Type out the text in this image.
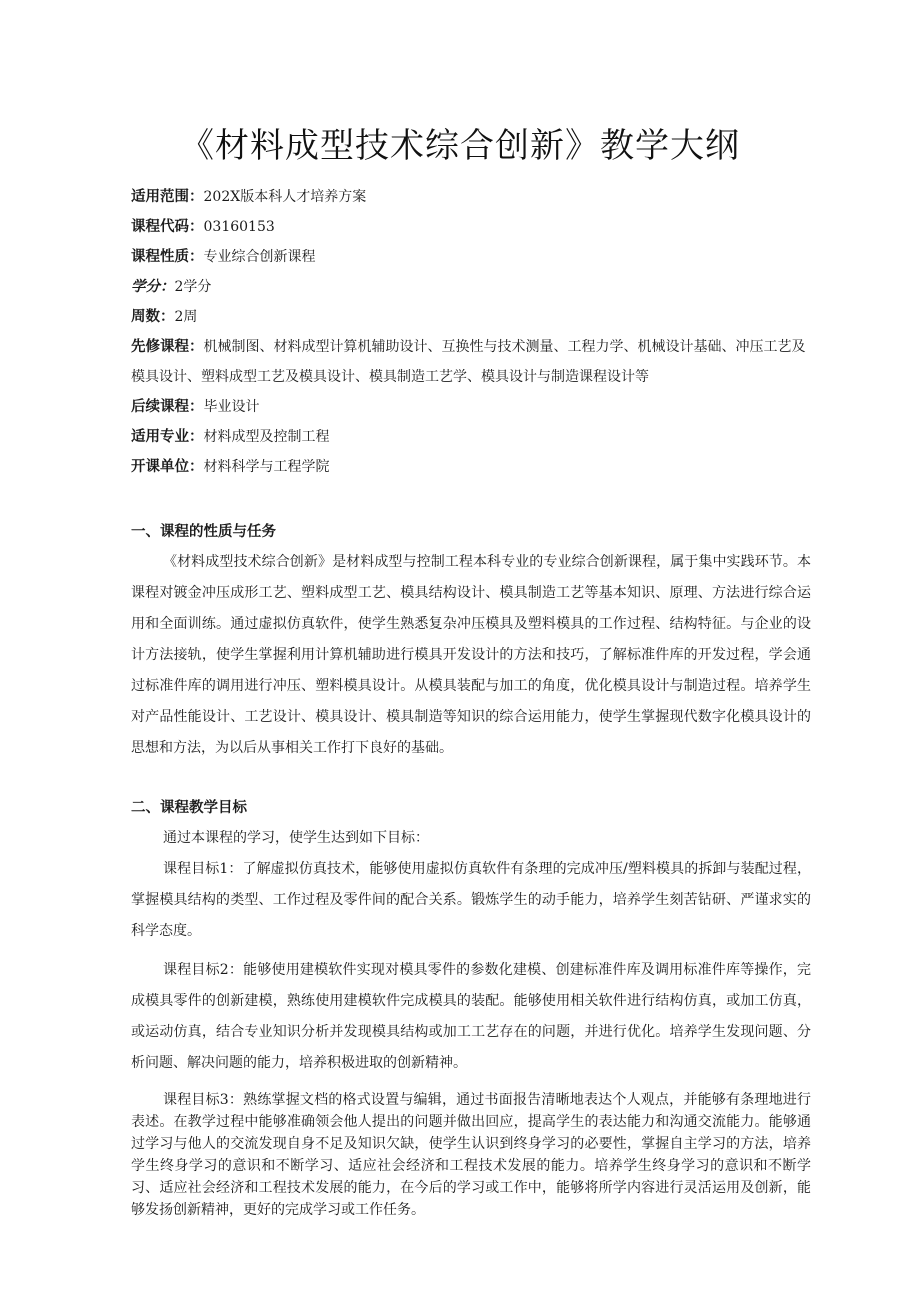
《材料成型技术综合创新》教学大纲
适用范围：202X版本科人才培养方案
课程代码：03160153
课程性质：专业综合创新课程
学分：2学分
周数：2周
先修课程：机械制图、材料成型计算机辅助设计、互换性与技术测量、工程力学、机械设计基础、冲压工艺及模具设计、塑料成型工艺及模具设计、模具制造工艺学、模具设计与制造课程设计等
后续课程：毕业设计
适用专业：材料成型及控制工程
开课单位：材料科学与工程学院
一、课程的性质与任务

《材料成型技术综合创新》是材料成型与控制工程本科专业的专业综合创新课程，属于集中实践环节。本课程对镀金冲压成形工艺、塑料成型工艺、模具结构设计、模具制造工艺等基本知识、原理、方法进行综合运用和全面训练。通过虚拟仿真软件，使学生熟悉复杂冲压模具及塑料模具的工作过程、结构特征。与企业的设计方法接轨，使学生掌握利用计算机辅助进行模具开发设计的方法和技巧，了解标准件库的开发过程，学会通过标准件库的调用进行冲压、塑料模具设计。从模具装配与加工的角度，优化模具设计与制造过程。培养学生对产品性能设计、工艺设计、模具设计、模具制造等知识的综合运用能力，使学生掌握现代数字化模具设计的思想和方法，为以后从事相关工作打下良好的基础。

二、课程教学目标

通过本课程的学习，使学生达到如下目标：

课程目标1：了解虚拟仿真技术，能够使用虚拟仿真软件有条理的完成冲压/塑料模具的拆卸与装配过程，掌握模具结构的类型、工作过程及零件间的配合关系。锻炼学生的动手能力，培养学生刻苦钻研、严谨求实的科学态度。

课程目标2：能够使用建模软件实现对模具零件的参数化建模、创建标准件库及调用标准件库等操作，完成模具零件的创新建模，熟练使用建模软件完成模具的装配。能够使用相关软件进行结构仿真，或加工仿真，或运动仿真，结合专业知识分析并发现模具结构或加工工艺存在的问题，并进行优化。培养学生发现问题、分析问题、解决问题的能力，培养积极进取的创新精神。

课程目标3：熟练掌握文档的格式设置与编辑，通过书面报告清晰地表达个人观点，并能够有条理地进行表述。在教学过程中能够准确领会他人提出的问题并做出回应，提高学生的表达能力和沟通交流能力。能够通过学习与他人的交流发现自身不足及知识欠缺，使学生认识到终身学习的必要性，掌握自主学习的方法，培养学生终身学习的意识和不断学习、适应社会经济和工程技术发展的能力。培养学生终身学习的意识和不断学习、适应社会经济和工程技术发展的能力，在今后的学习或工作中，能够将所学内容进行灵活运用及创新，能够发扬创新精神，更好的完成学习或工作任务。
